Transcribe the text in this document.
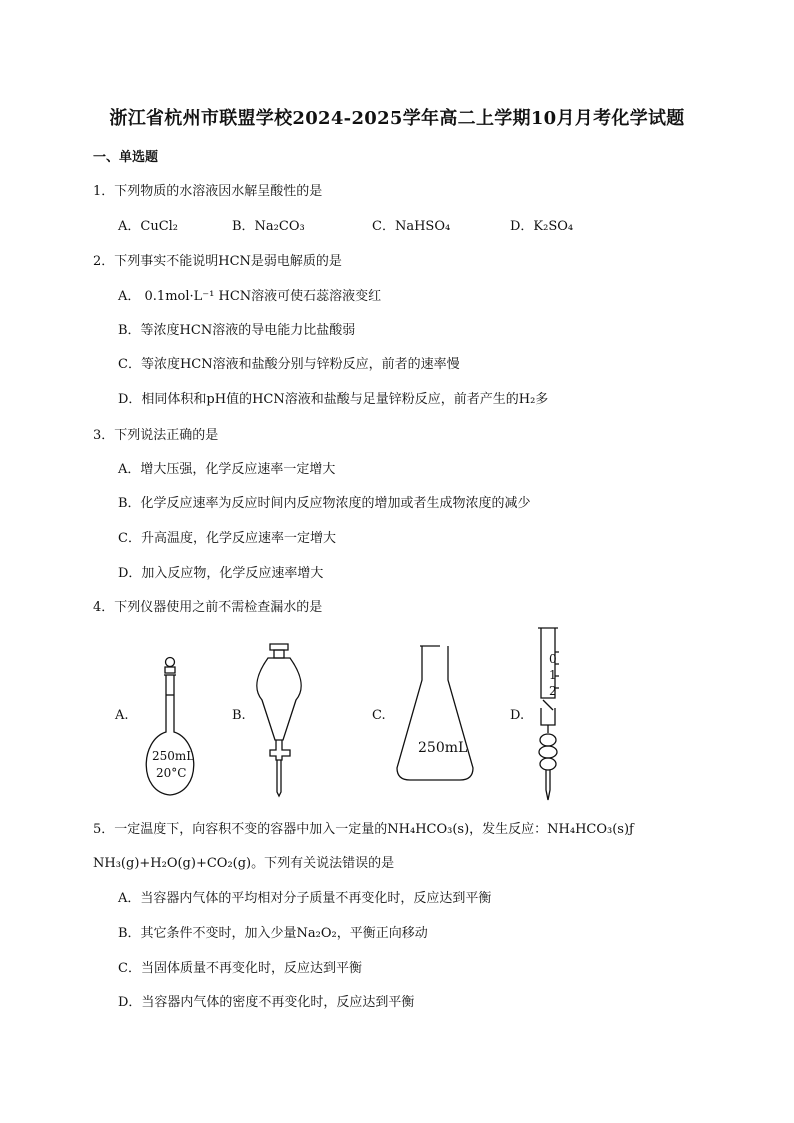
浙江省杭州市联盟学校2024-2025学年高二上学期10月月考化学试题
一、单选题
1．下列物质的水溶液因水解呈酸性的是
A．CuCl₂	B．Na₂CO₃	C．NaHSO₄	D．K₂SO₄
2．下列事实不能说明HCN是弱电解质的是
A． 0.1mol·L⁻¹ HCN溶液可使石蕊溶液变红
B．等浓度HCN溶液的导电能力比盐酸弱
C．等浓度HCN溶液和盐酸分别与锌粉反应，前者的速率慢
D．相同体积和pH值的HCN溶液和盐酸与足量锌粉反应，前者产生的H₂多
3．下列说法正确的是
A．增大压强，化学反应速率一定增大
B．化学反应速率为反应时间内反应物浓度的增加或者生成物浓度的减少
C．升高温度，化学反应速率一定增大
D．加入反应物，化学反应速率增大
4．下列仪器使用之前不需检查漏水的是
A.	B.	C.	D.
250mL
20°C
250mL
0
1
2
5．一定温度下，向容积不变的容器中加入一定量的NH₄HCO₃(s)，发生反应：NH₄HCO₃(s)ƒ
NH₃(g)+H₂O(g)+CO₂(g)。下列有关说法错误的是
A．当容器内气体的平均相对分子质量不再变化时，反应达到平衡
B．其它条件不变时，加入少量Na₂O₂，平衡正向移动
C．当固体质量不再变化时，反应达到平衡
D．当容器内气体的密度不再变化时，反应达到平衡
